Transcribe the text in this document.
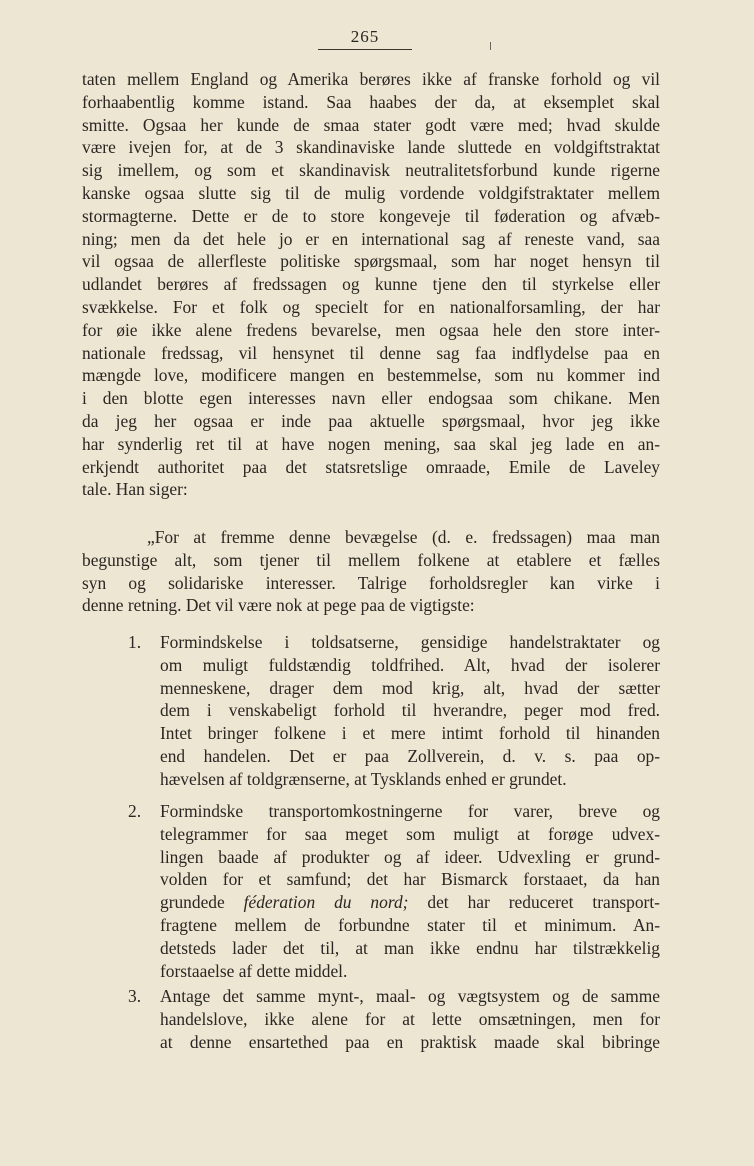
265
taten mellem England og Amerika berøres ikke af franske forhold og vil
forhaabentlig komme istand. Saa haabes der da, at eksemplet skal
smitte. Ogsaa her kunde de smaa stater godt være med; hvad skulde
være ivejen for, at de 3 skandinaviske lande sluttede en voldgiftstraktat
sig imellem, og som et skandinavisk neutralitetsforbund kunde rigerne
kanske ogsaa slutte sig til de mulig vordende voldgifstraktater mellem
stormagterne. Dette er de to store kongeveje til føderation og afvæb-
ning; men da det hele jo er en international sag af reneste vand, saa
vil ogsaa de allerfleste politiske spørgsmaal, som har noget hensyn til
udlandet berøres af fredssagen og kunne tjene den til styrkelse eller
svækkelse. For et folk og specielt for en nationalforsamling, der har
for øie ikke alene fredens bevarelse, men ogsaa hele den store inter-
nationale fredssag, vil hensynet til denne sag faa indflydelse paa en
mængde love, modificere mangen en bestemmelse, som nu kommer ind
i den blotte egen interesses navn eller endogsaa som chikane. Men
da jeg her ogsaa er inde paa aktuelle spørgsmaal, hvor jeg ikke
har synderlig ret til at have nogen mening, saa skal jeg lade en an-
erkjendt authoritet paa det statsretslige omraade, Emile de Laveley
tale. Han siger:
„For at fremme denne bevægelse (d. e. fredssagen) maa man
begunstige alt, som tjener til mellem folkene at etablere et fælles
syn og solidariske interesser. Talrige forholdsregler kan virke i
denne retning. Det vil være nok at pege paa de vigtigste:
1. Formindskelse i toldsatserne, gensidige handelstraktater og
om muligt fuldstændig toldfrihed. Alt, hvad der isolerer
menneskene, drager dem mod krig, alt, hvad der sætter
dem i venskabeligt forhold til hverandre, peger mod fred.
Intet bringer folkene i et mere intimt forhold til hinanden
end handelen. Det er paa Zollverein, d. v. s. paa op-
hævelsen af toldgrænserne, at Tysklands enhed er grundet.
2. Formindske transportomkostningerne for varer, breve og
telegrammer for saa meget som muligt at forøge udvex-
lingen baade af produkter og af ideer. Udvexling er grund-
volden for et samfund; det har Bismarck forstaaet, da han
grundede féderation du nord; det har reduceret transport-
fragtene mellem de forbundne stater til et minimum. An-
detsteds lader det til, at man ikke endnu har tilstrækkelig
forstaaelse af dette middel.
3. Antage det samme mynt-, maal- og vægtsystem og de samme
handelslove, ikke alene for at lette omsætningen, men for
at denne ensartethed paa en praktisk maade skal bibringe
